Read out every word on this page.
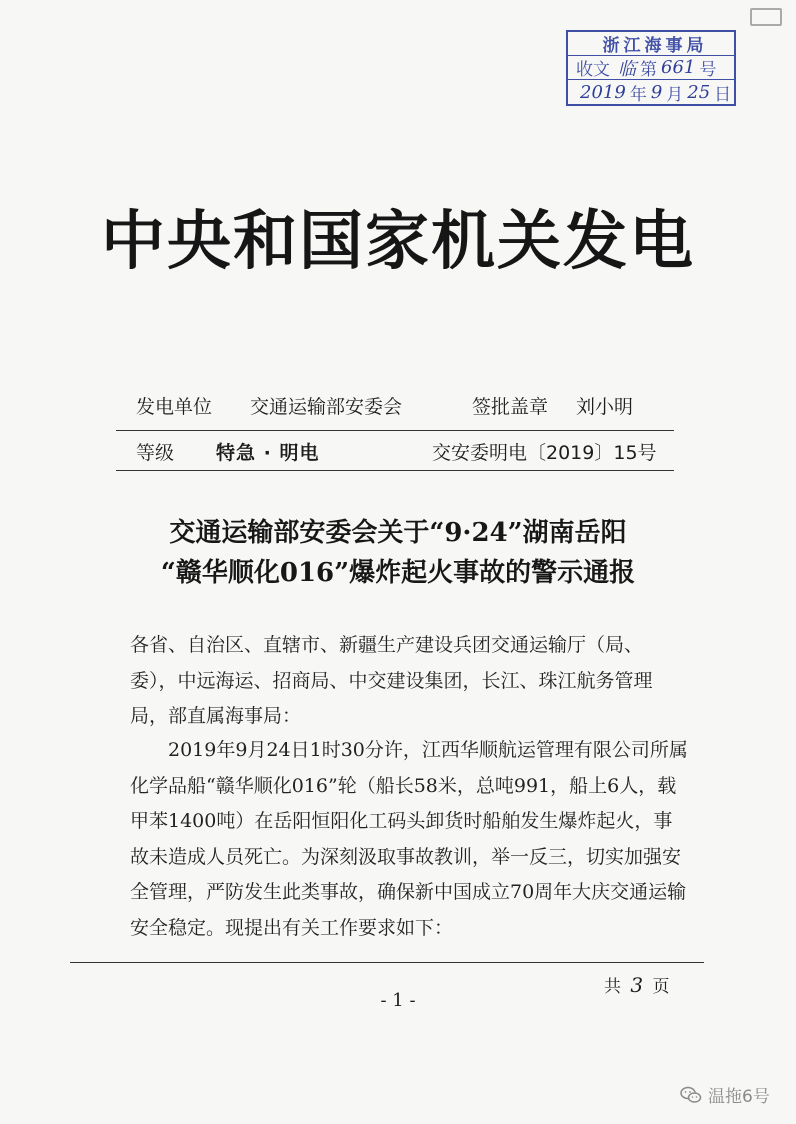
浙江海事局
收文 临 第 661 号
2019 年 9 月 25 日
中央和国家机关发电
发电单位 交通运输部安委会	签批盖章 刘小明
等级 特急 · 明电	交安委明电〔2019〕15号
交通运输部安委会关于“9·24”湖南岳阳
“赣华顺化016”爆炸起火事故的警示通报
各省、自治区、直辖市、新疆生产建设兵团交通运输厅（局、委），中远海运、招商局、中交建设集团，长江、珠江航务管理局，部直属海事局：
2019年9月24日1时30分许，江西华顺航运管理有限公司所属化学品船“赣华顺化016”轮（船长58米，总吨991，船上6人，载甲苯1400吨）在岳阳恒阳化工码头卸货时船舶发生爆炸起火，事故未造成人员死亡。为深刻汲取事故教训，举一反三，切实加强安全管理，严防发生此类事故，确保新中国成立70周年大庆交通运输安全稳定。现提出有关工作要求如下：
共 3 页
- 1 -
温拖6号
